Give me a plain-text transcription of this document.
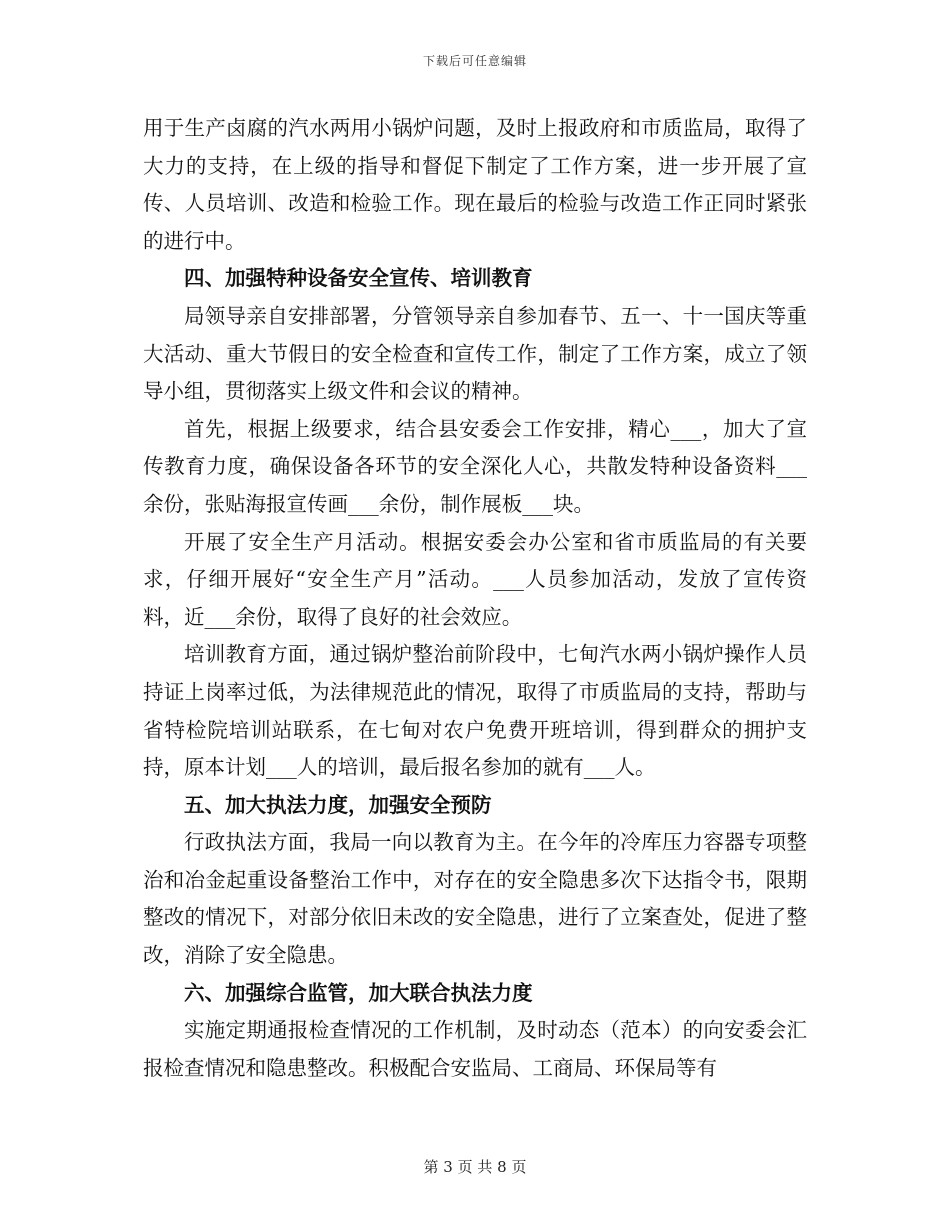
下载后可任意编辑

用于生产卤腐的汽水两用小锅炉问题，及时上报政府和市质监局，取得了大力的支持，在上级的指导和督促下制定了工作方案，进一步开展了宣传、人员培训、改造和检验工作。现在最后的检验与改造工作正同时紧张的进行中。

四、加强特种设备安全宣传、培训教育

局领导亲自安排部署，分管领导亲自参加春节、五一、十一国庆等重大活动、重大节假日的安全检查和宣传工作，制定了工作方案，成立了领导小组，贯彻落实上级文件和会议的精神。

首先，根据上级要求，结合县安委会工作安排，精心___，加大了宣传教育力度，确保设备各环节的安全深化人心，共散发特种设备资料___余份，张贴海报宣传画___余份，制作展板___块。

开展了安全生产月活动。根据安委会办公室和省市质监局的有关要求，仔细开展好“安全生产月”活动。___人员参加活动，发放了宣传资料，近___余份，取得了良好的社会效应。

培训教育方面，通过锅炉整治前阶段中，七甸汽水两小锅炉操作人员持证上岗率过低，为法律规范此的情况，取得了市质监局的支持，帮助与省特检院培训站联系，在七甸对农户免费开班培训，得到群众的拥护支持，原本计划___人的培训，最后报名参加的就有___人。

五、加大执法力度，加强安全预防

行政执法方面，我局一向以教育为主。在今年的冷库压力容器专项整治和冶金起重设备整治工作中，对存在的安全隐患多次下达指令书，限期整改的情况下，对部分依旧未改的安全隐患，进行了立案查处，促进了整改，消除了安全隐患。

六、加强综合监管，加大联合执法力度

实施定期通报检查情况的工作机制，及时动态（范本）的向安委会汇报检查情况和隐患整改。积极配合安监局、工商局、环保局等有

第 3 页 共 8 页
